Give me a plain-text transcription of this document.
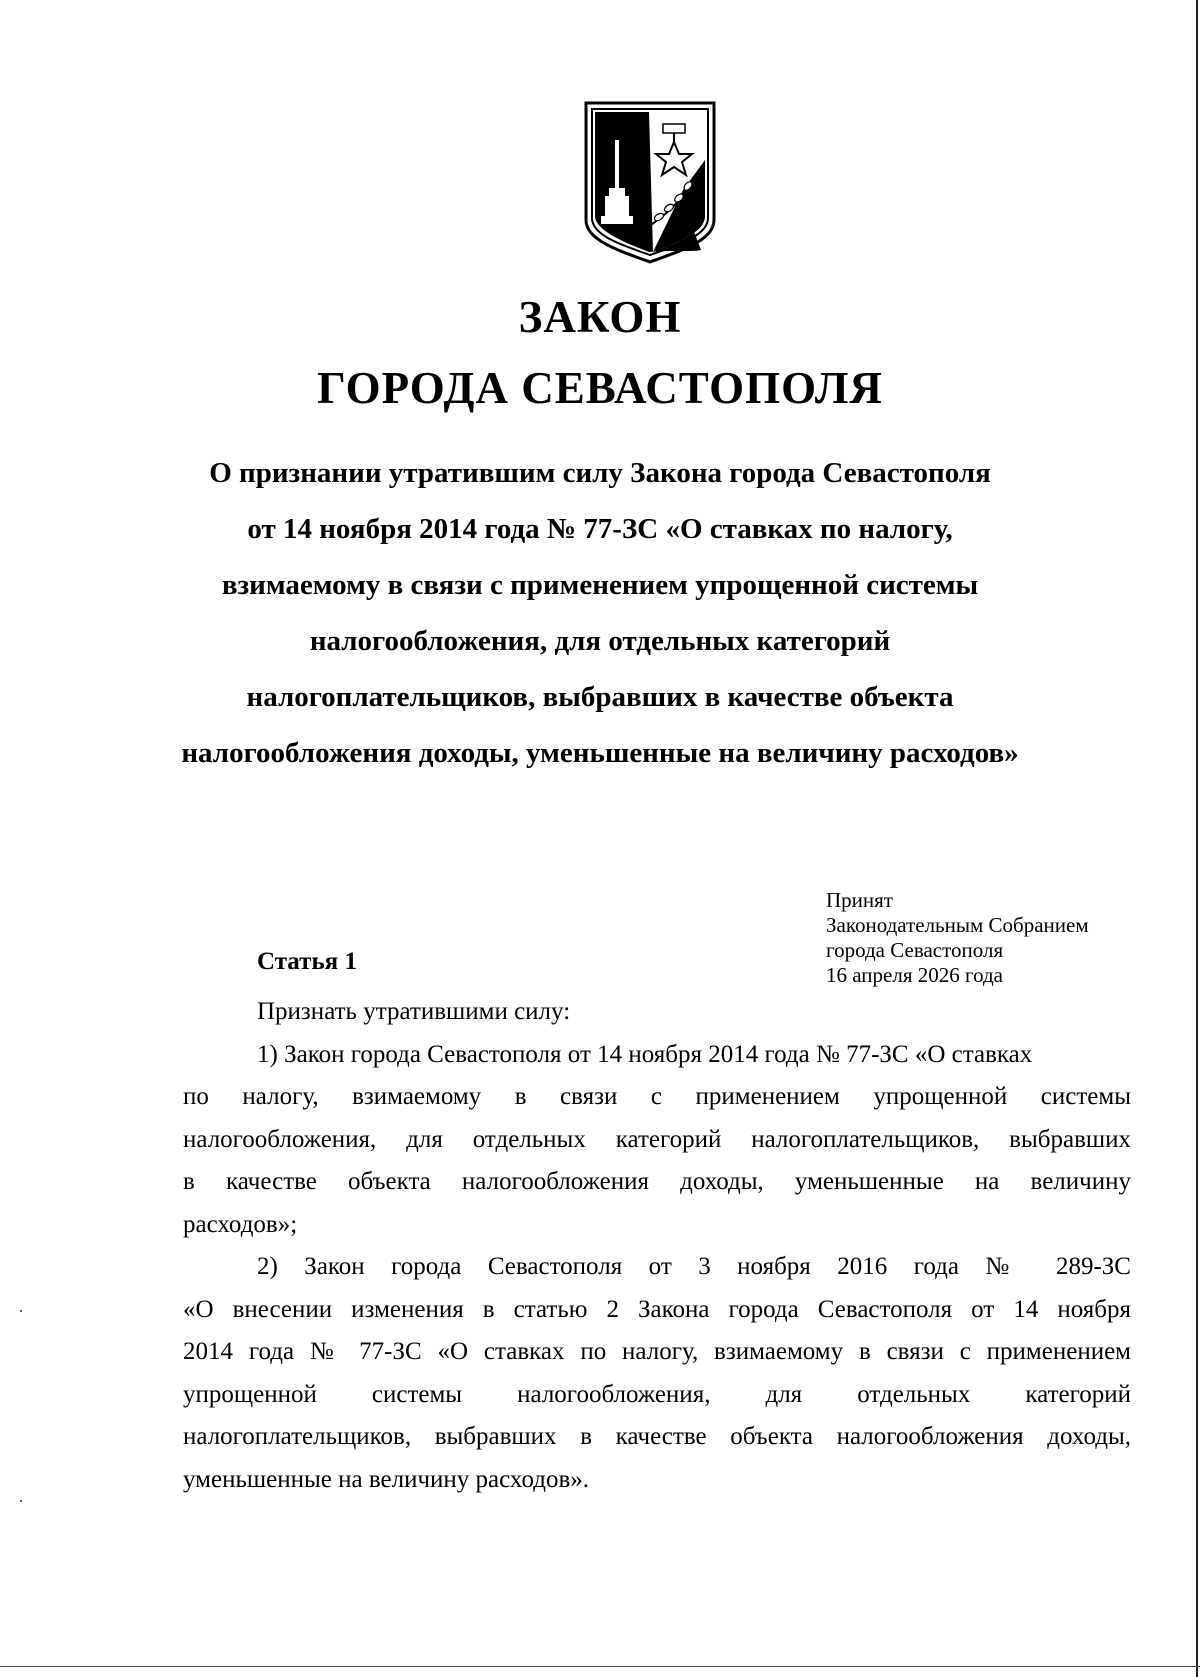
ЗАКОН
ГОРОДА СЕВАСТОПОЛЯ
О признании утратившим силу Закона города Севастополя
от 14 ноября 2014 года № 77-ЗС «О ставках по налогу,
взимаемому в связи с применением упрощенной системы
налогообложения, для отдельных категорий
налогоплательщиков, выбравших в качестве объекта
налогообложения доходы, уменьшенные на величину расходов»
Принят
Законодательным Собранием
города Севастополя
16 апреля 2026 года
Статья 1
Признать утратившими силу:
1) Закон города Севастополя от 14 ноября 2014 года № 77-ЗС «О ставках
по налогу, взимаемому в связи с применением упрощенной системы
налогообложения, для отдельных категорий налогоплательщиков, выбравших
в качестве объекта налогообложения доходы, уменьшенные на величину
расходов»;
2) Закон города Севастополя от 3 ноября 2016 года № 289-ЗС
«О внесении изменения в статью 2 Закона города Севастополя от 14 ноября
2014 года № 77-ЗС «О ставках по налогу, взимаемому в связи с применением
упрощенной системы налогообложения, для отдельных категорий
налогоплательщиков, выбравших в качестве объекта налогообложения доходы,
уменьшенные на величину расходов».
